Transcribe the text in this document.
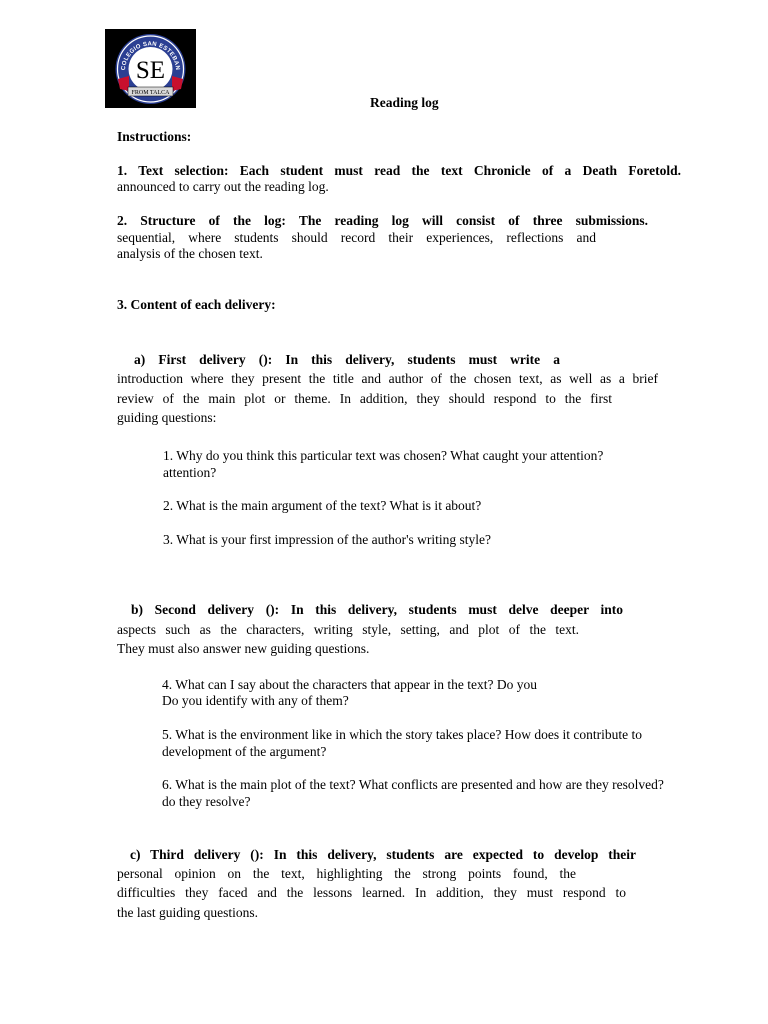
COLEGIO SAN ESTEBAN
SE
FROM TALCA
Reading log
Instructions:
1. Text selection: Each student must read the text Chronicle of a Death Foretold.
announced to carry out the reading log.
2. Structure of the log: The reading log will consist of three submissions.
sequential, where students should record their experiences, reflections and
analysis of the chosen text.
3. Content of each delivery:
a) First delivery (): In this delivery, students must write a
introduction where they present the title and author of the chosen text, as well as a brief
review of the main plot or theme. In addition, they should respond to the first
guiding questions:
1. Why do you think this particular text was chosen? What caught your attention?
attention?
2. What is the main argument of the text? What is it about?
3. What is your first impression of the author's writing style?
b) Second delivery (): In this delivery, students must delve deeper into
aspects such as the characters, writing style, setting, and plot of the text.
They must also answer new guiding questions.
4. What can I say about the characters that appear in the text? Do you
Do you identify with any of them?
5. What is the environment like in which the story takes place? How does it contribute to
development of the argument?
6. What is the main plot of the text? What conflicts are presented and how are they resolved?
do they resolve?
c) Third delivery (): In this delivery, students are expected to develop their
personal opinion on the text, highlighting the strong points found, the
difficulties they faced and the lessons learned. In addition, they must respond to
the last guiding questions.
